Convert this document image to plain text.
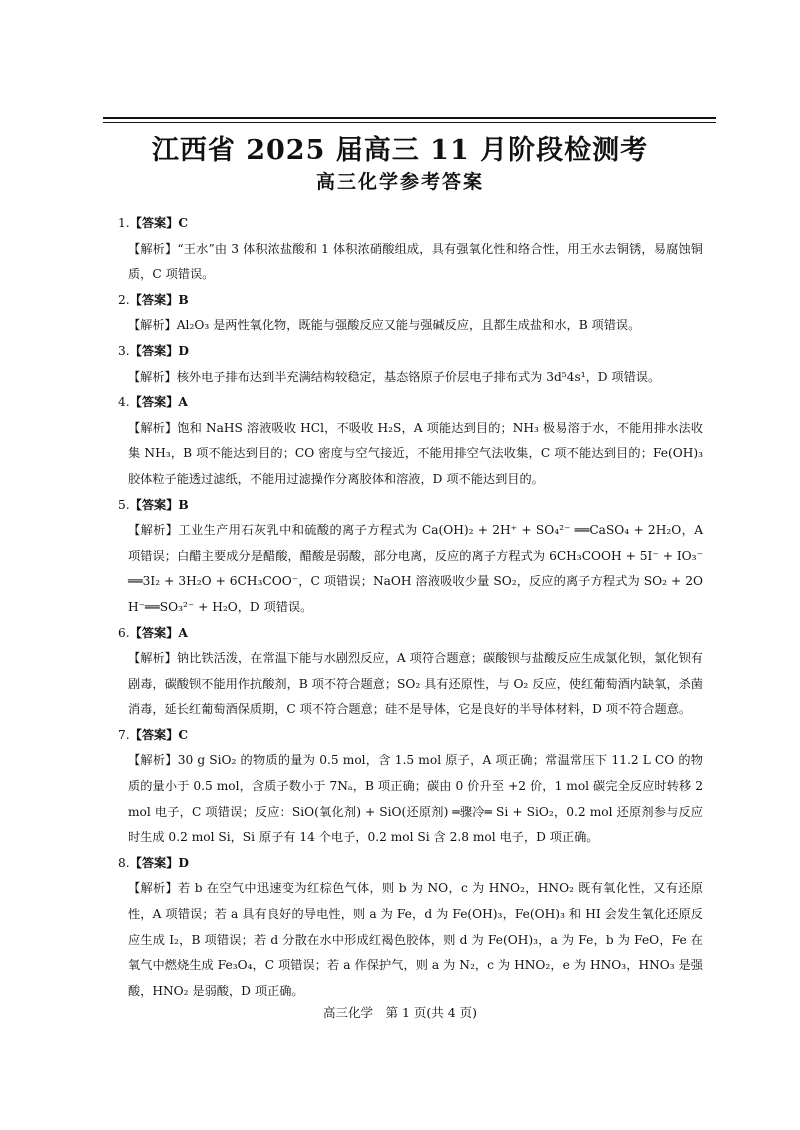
江西省 2025 届高三 11 月阶段检测考
高三化学参考答案
1.【答案】C
【解析】“王水”由 3 体积浓盐酸和 1 体积浓硝酸组成，具有强氧化性和络合性，用王水去铜锈，易腐蚀铜质，C 项错误。
2.【答案】B
【解析】Al₂O₃ 是两性氧化物，既能与强酸反应又能与强碱反应，且都生成盐和水，B 项错误。
3.【答案】D
【解析】核外电子排布达到半充满结构较稳定，基态铬原子价层电子排布式为 3d⁵4s¹，D 项错误。
4.【答案】A
【解析】饱和 NaHS 溶液吸收 HCl，不吸收 H₂S，A 项能达到目的；NH₃ 极易溶于水，不能用排水法收集 NH₃，B 项不能达到目的；CO 密度与空气接近，不能用排空气法收集，C 项不能达到目的；Fe(OH)₃ 胶体粒子能透过滤纸，不能用过滤操作分离胶体和溶液，D 项不能达到目的。
5.【答案】B
【解析】工业生产用石灰乳中和硫酸的离子方程式为 Ca(OH)₂ + 2H⁺ + SO₄²⁻ ══CaSO₄ + 2H₂O，A 项错误；白醋主要成分是醋酸，醋酸是弱酸，部分电离，反应的离子方程式为 6CH₃COOH + 5I⁻ + IO₃⁻ ══3I₂ + 3H₂O + 6CH₃COO⁻，C 项错误；NaOH 溶液吸收少量 SO₂，反应的离子方程式为 SO₂ + 2OH⁻══SO₃²⁻ + H₂O，D 项错误。
6.【答案】A
【解析】钠比铁活泼，在常温下能与水剧烈反应，A 项符合题意；碳酸钡与盐酸反应生成氯化钡，氯化钡有剧毒，碳酸钡不能用作抗酸剂，B 项不符合题意；SO₂ 具有还原性，与 O₂ 反应，使红葡萄酒内缺氧，杀菌消毒，延长红葡萄酒保质期，C 项不符合题意；硅不是导体，它是良好的半导体材料，D 项不符合题意。
7.【答案】C
【解析】30 g SiO₂ 的物质的量为 0.5 mol，含 1.5 mol 原子，A 项正确；常温常压下 11.2 L CO 的物质的量小于 0.5 mol，含质子数小于 7Nₐ，B 项正确；碳由 0 价升至 +2 价，1 mol 碳完全反应时转移 2 mol 电子，C 项错误；反应：SiO(氧化剂) + SiO(还原剂) ═骤冷═ Si + SiO₂，0.2 mol 还原剂参与反应时生成 0.2 mol Si，Si 原子有 14 个电子，0.2 mol Si 含 2.8 mol 电子，D 项正确。
8.【答案】D
【解析】若 b 在空气中迅速变为红棕色气体，则 b 为 NO，c 为 HNO₂，HNO₂ 既有氧化性，又有还原性，A 项错误；若 a 具有良好的导电性，则 a 为 Fe，d 为 Fe(OH)₃，Fe(OH)₃ 和 HI 会发生氧化还原反应生成 I₂，B 项错误；若 d 分散在水中形成红褐色胶体，则 d 为 Fe(OH)₃，a 为 Fe，b 为 FeO，Fe 在氧气中燃烧生成 Fe₃O₄，C 项错误；若 a 作保护气，则 a 为 N₂，c 为 HNO₂，e 为 HNO₃，HNO₃ 是强酸，HNO₂ 是弱酸，D 项正确。
高三化学　第 1 页(共 4 页)
